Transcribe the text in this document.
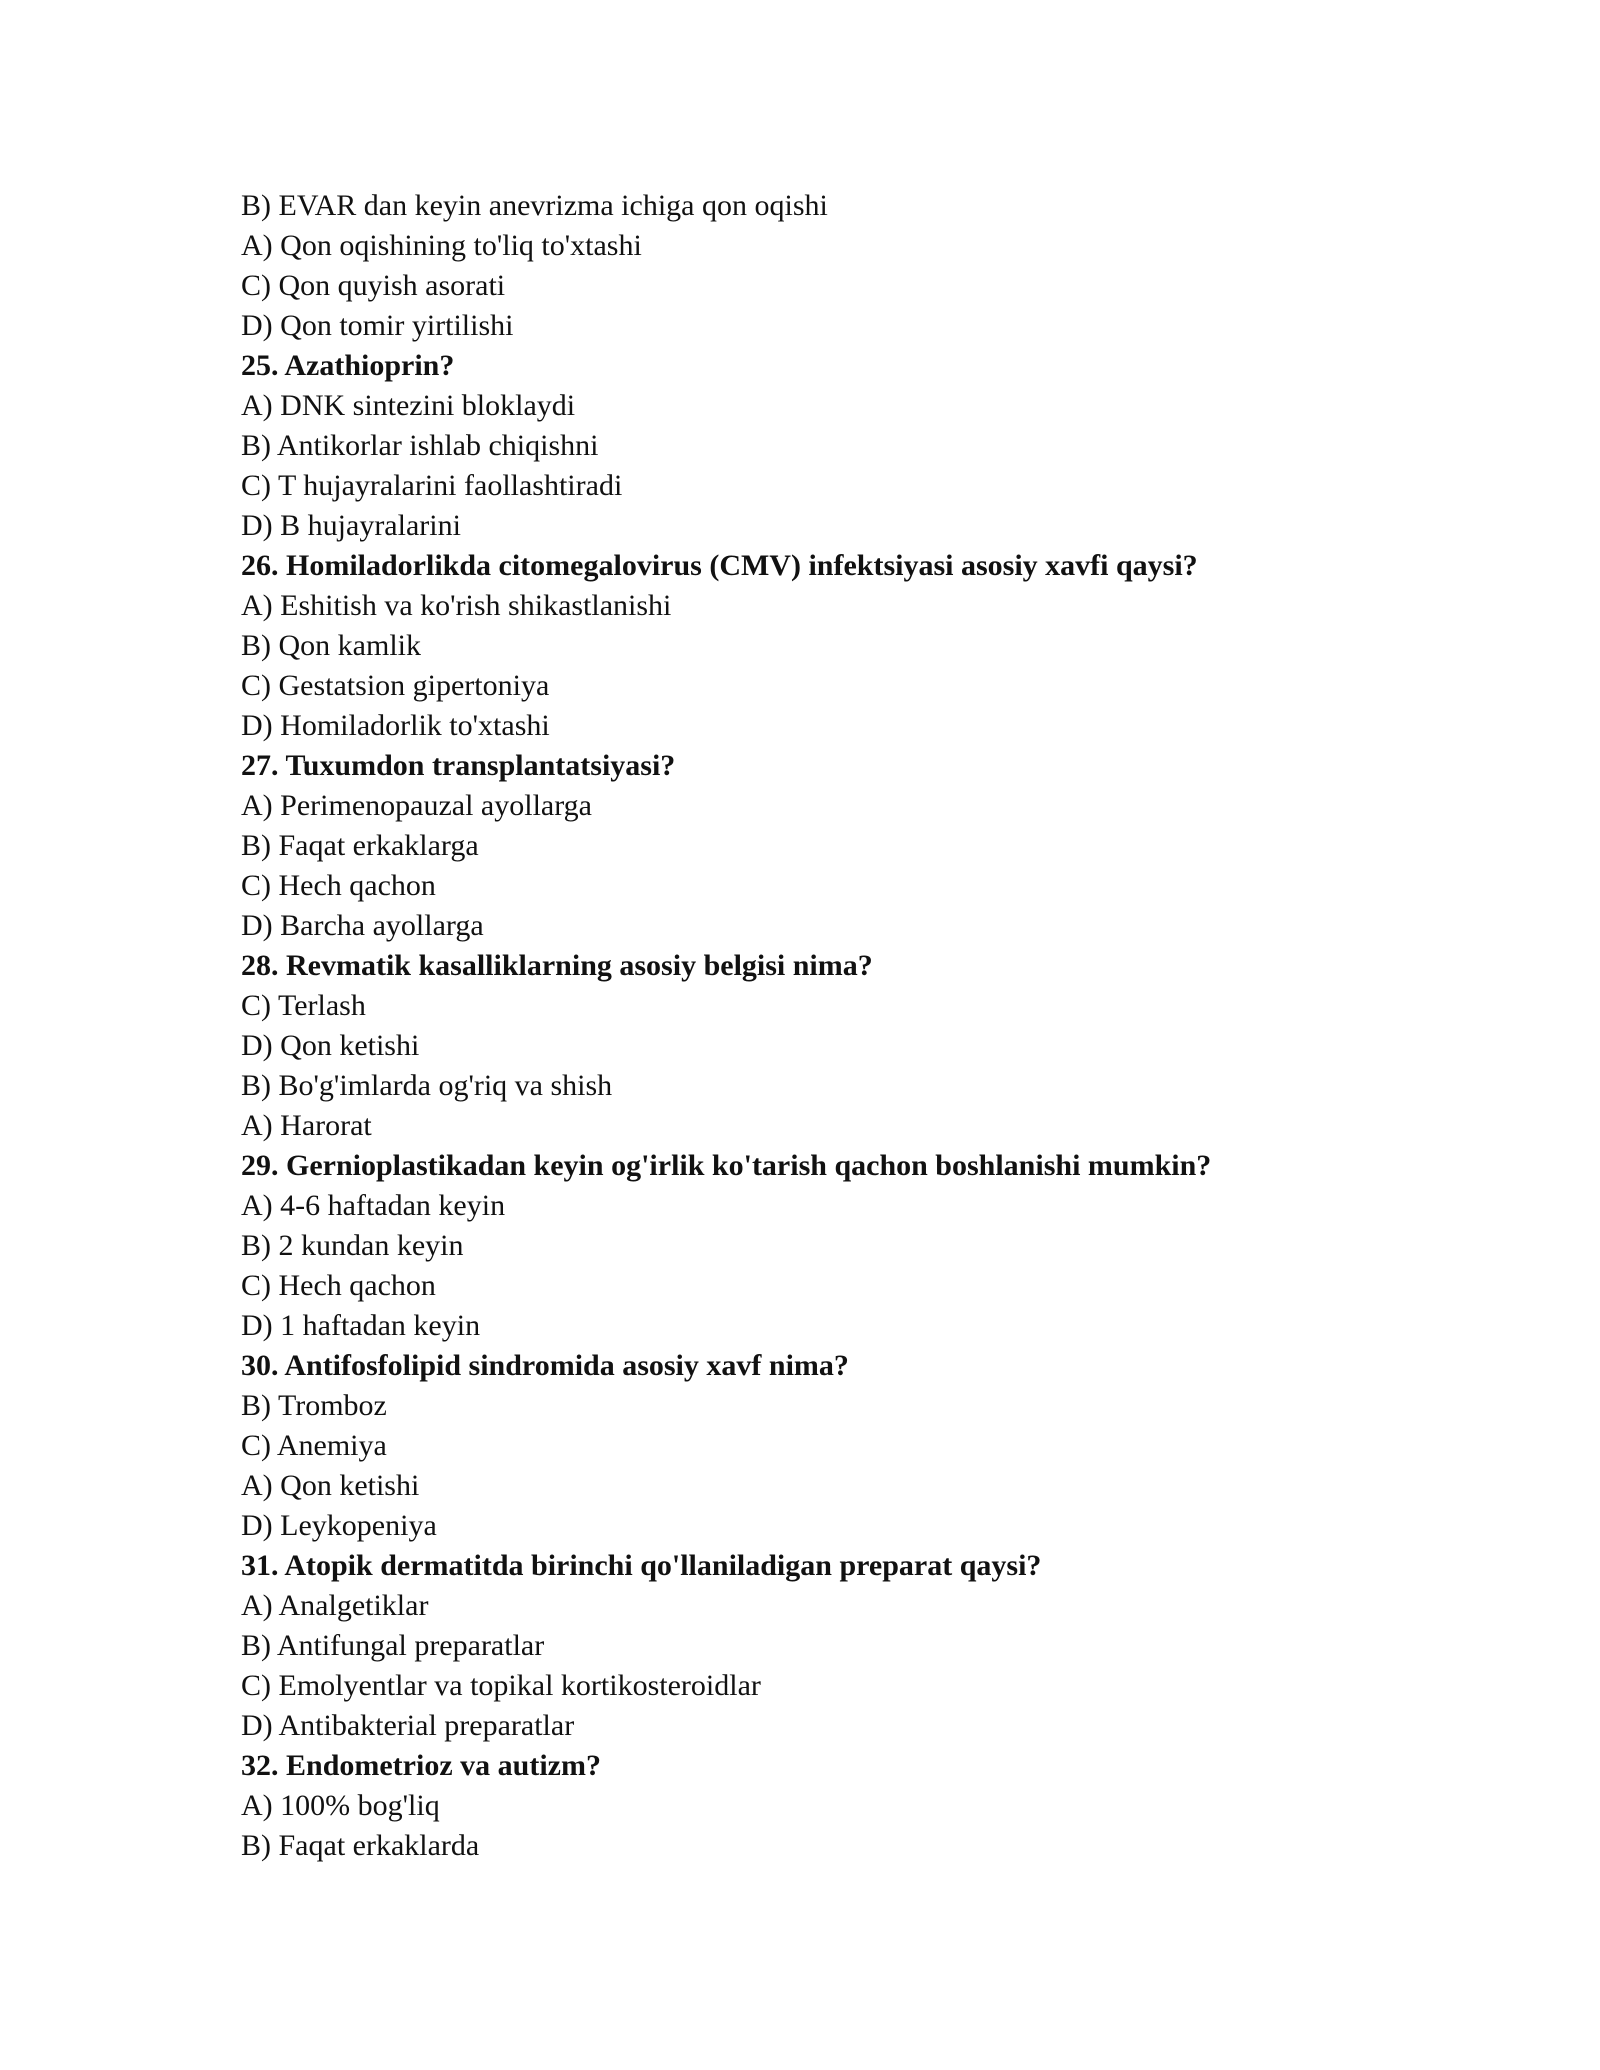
B) EVAR dan keyin anevrizma ichiga qon oqishi
A) Qon oqishining to'liq to'xtashi
C) Qon quyish asorati
D) Qon tomir yirtilishi
25. Azathioprin?
A) DNK sintezini bloklaydi
B) Antikorlar ishlab chiqishni
C) T hujayralarini faollashtiradi
D) B hujayralarini
26. Homiladorlikda citomegalovirus (CMV) infektsiyasi asosiy xavfi qaysi?
A) Eshitish va ko'rish shikastlanishi
B) Qon kamlik
C) Gestatsion gipertoniya
D) Homiladorlik to'xtashi
27. Tuxumdon transplantatsiyasi?
A) Perimenopauzal ayollarga
B) Faqat erkaklarga
C) Hech qachon
D) Barcha ayollarga
28. Revmatik kasalliklarning asosiy belgisi nima?
C) Terlash
D) Qon ketishi
B) Bo'g'imlarda og'riq va shish
A) Harorat
29. Gernioplastikadan keyin og'irlik ko'tarish qachon boshlanishi mumkin?
A) 4-6 haftadan keyin
B) 2 kundan keyin
C) Hech qachon
D) 1 haftadan keyin
30. Antifosfolipid sindromida asosiy xavf nima?
B) Tromboz
C) Anemiya
A) Qon ketishi
D) Leykopeniya
31. Atopik dermatitda birinchi qo'llaniladigan preparat qaysi?
A) Analgetiklar
B) Antifungal preparatlar
C) Emolyentlar va topikal kortikosteroidlar
D) Antibakterial preparatlar
32. Endometrioz va autizm?
A) 100% bog'liq
B) Faqat erkaklarda
